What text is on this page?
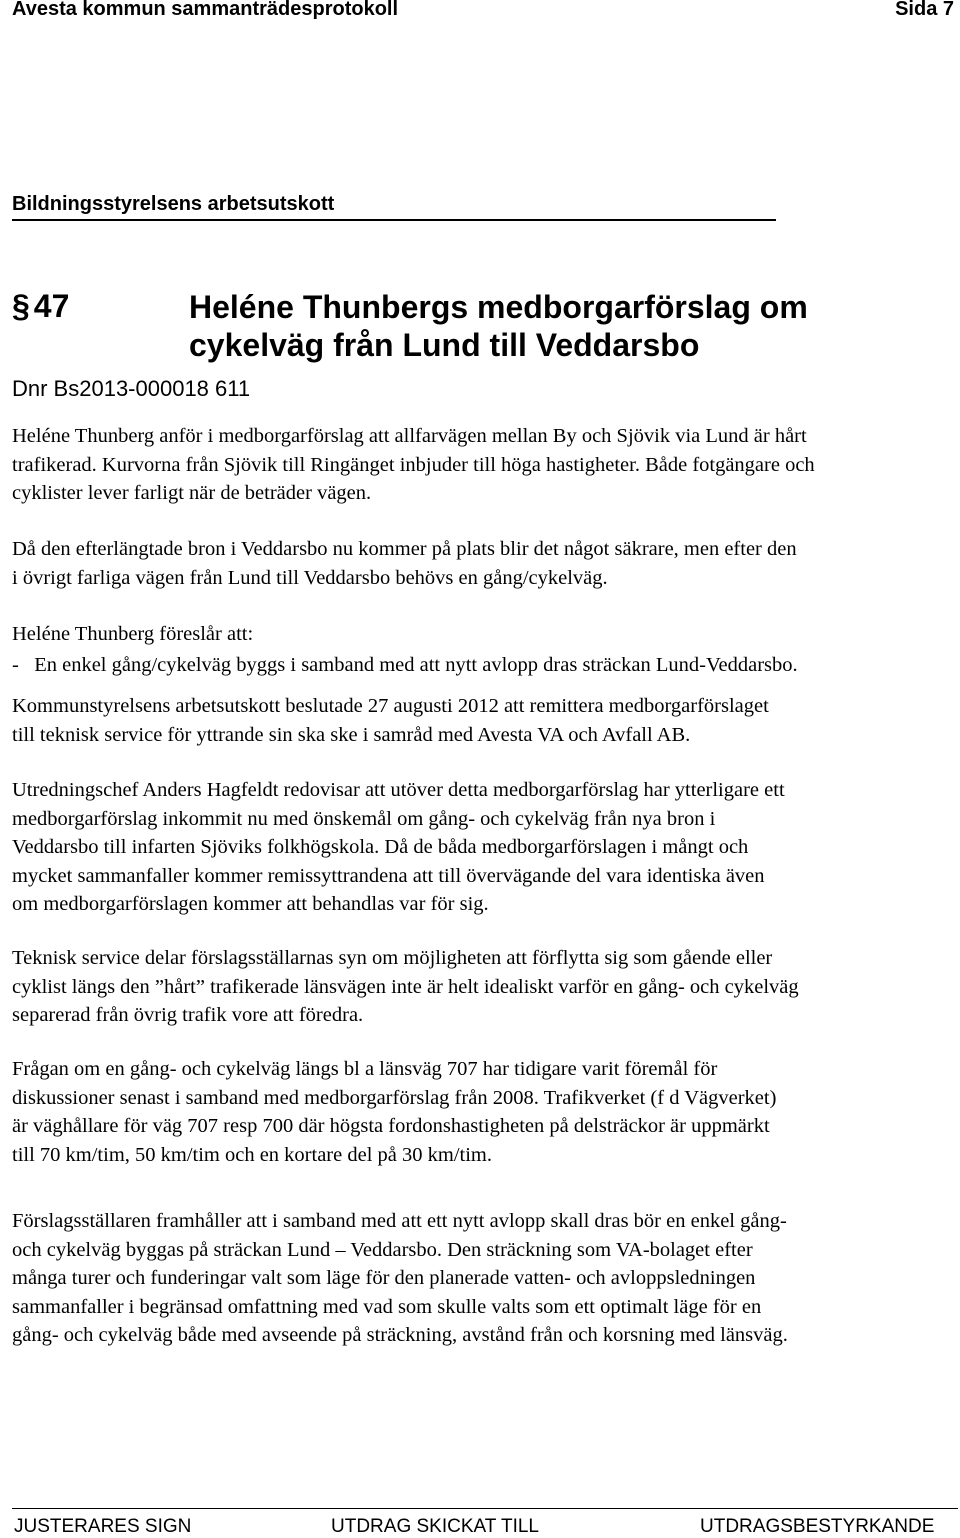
Avesta kommun sammanträdesprotokoll	Sida 7
Bildningsstyrelsens arbetsutskott
§ 47	Heléne Thunbergs medborgarförslag om
cykelväg från Lund till Veddarsbo
Dnr Bs2013-000018 611
Heléne Thunberg anför i medborgarförslag att allfarvägen mellan By och Sjövik via Lund är hårt
trafikerad. Kurvorna från Sjövik till Ringänget inbjuder till höga hastigheter. Både fotgängare och
cyklister lever farligt när de beträder vägen.
Då den efterlängtade bron i Veddarsbo nu kommer på plats blir det något säkrare, men efter den
i övrigt farliga vägen från Lund till Veddarsbo behövs en gång/cykelväg.
Heléne Thunberg föreslår att:
-   En enkel gång/cykelväg byggs i samband med att nytt avlopp dras sträckan Lund-Veddarsbo.
Kommunstyrelsens arbetsutskott beslutade 27 augusti 2012 att remittera medborgarförslaget
till teknisk service för yttrande sin ska ske i samråd med Avesta VA och Avfall AB.
Utredningschef Anders Hagfeldt redovisar att utöver detta medborgarförslag har ytterligare ett
medborgarförslag inkommit nu med önskemål om gång- och cykelväg från nya bron i
Veddarsbo till infarten Sjöviks folkhögskola. Då de båda medborgarförslagen i mångt och
mycket sammanfaller kommer remissyttrandena att till övervägande del vara identiska även
om medborgarförslagen kommer att behandlas var för sig.
Teknisk service delar förslagsställarnas syn om möjligheten att förflytta sig som gående eller
cyklist längs den ”hårt” trafikerade länsvägen inte är helt idealiskt varför en gång- och cykelväg
separerad från övrig trafik vore att föredra.
Frågan om en gång- och cykelväg längs bl a länsväg 707 har tidigare varit föremål för
diskussioner senast i samband med medborgarförslag från 2008. Trafikverket (f d Vägverket)
är väghållare för väg 707 resp 700 där högsta fordonshastigheten på delsträckor är uppmärkt
till 70 km/tim, 50 km/tim och en kortare del på 30 km/tim.
Förslagsställaren framhåller att i samband med att ett nytt avlopp skall dras bör en enkel gång-
och cykelväg byggas på sträckan Lund – Veddarsbo. Den sträckning som VA-bolaget efter
många turer och funderingar valt som läge för den planerade vatten- och avloppsledningen
sammanfaller i begränsad omfattning med vad som skulle valts som ett optimalt läge för en
gång- och cykelväg både med avseende på sträckning, avstånd från och korsning med länsväg.
JUSTERARES SIGN	UTDRAG SKICKAT TILL	UTDRAGSBESTYRKANDE
